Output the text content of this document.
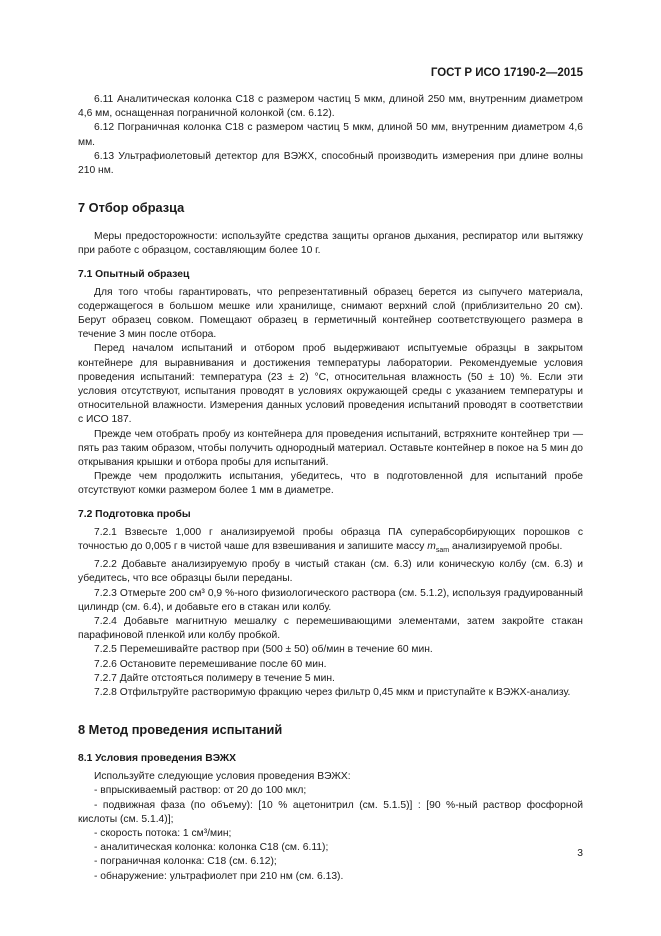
ГОСТ Р ИСО 17190-2—2015

6.11 Аналитическая колонка C18 с размером частиц 5 мкм, длиной 250 мм, внутренним диаметром 4,6 мм, оснащенная пограничной колонкой (см. 6.12).

6.12 Пограничная колонка C18 с размером частиц 5 мкм, длиной 50 мм, внутренним диаметром 4,6 мм.

6.13 Ультрафиолетовый детектор для ВЭЖХ, способный производить измерения при длине волны 210 нм.

7 Отбор образца

Меры предосторожности: используйте средства защиты органов дыхания, респиратор или вытяжку при работе с образцом, составляющим более 10 г.

7.1 Опытный образец

Для того чтобы гарантировать, что репрезентативный образец берется из сыпучего материала, содержащегося в большом мешке или хранилище, снимают верхний слой (приблизительно 20 см). Берут образец совком. Помещают образец в герметичный контейнер соответствующего размера в течение 3 мин после отбора.

Перед началом испытаний и отбором проб выдерживают испытуемые образцы в закрытом контейнере для выравнивания и достижения температуры лаборатории. Рекомендуемые условия проведения испытаний: температура (23 ± 2) °С, относительная влажность (50 ± 10) %. Если эти условия отсутствуют, испытания проводят в условиях окружающей среды с указанием температуры и относительной влажности. Измерения данных условий проведения испытаний проводят в соответствии с ИСО 187.

Прежде чем отобрать пробу из контейнера для проведения испытаний, встряхните контейнер три — пять раз таким образом, чтобы получить однородный материал. Оставьте контейнер в покое на 5 мин до открывания крышки и отбора пробы для испытаний.

Прежде чем продолжить испытания, убедитесь, что в подготовленной для испытаний пробе отсутствуют комки размером более 1 мм в диаметре.

7.2 Подготовка пробы

7.2.1 Взвесьте 1,000 г анализируемой пробы образца ПА суперабсорбирующих порошков с точностью до 0,005 г в чистой чаше для взвешивания и запишите массу $m_{sam}$ анализируемой пробы.

7.2.2 Добавьте анализируемую пробу в чистый стакан (см. 6.3) или коническую колбу (см. 6.3) и убедитесь, что все образцы были переданы.

7.2.3 Отмерьте 200 см³ 0,9 %-ного физиологического раствора (см. 5.1.2), используя градуированный цилиндр (см. 6.4), и добавьте его в стакан или колбу.

7.2.4 Добавьте магнитную мешалку с перемешивающими элементами, затем закройте стакан парафиновой пленкой или колбу пробкой.

7.2.5 Перемешивайте раствор при (500 ± 50) об/мин в течение 60 мин.

7.2.6 Остановите перемешивание после 60 мин.

7.2.7 Дайте отстояться полимеру в течение 5 мин.

7.2.8 Отфильтруйте растворимую фракцию через фильтр 0,45 мкм и приступайте к ВЭЖХ-анализу.

8 Метод проведения испытаний
8.1 Условия проведения ВЭЖХ

Используйте следующие условия проведения ВЭЖХ:

- впрыскиваемый раствор: от 20 до 100 мкл;

- подвижная фаза (по объему): [10 % ацетонитрил (см. 5.1.5)] : [90 %-ный раствор фосфорной кислоты (см. 5.1.4)];

- скорость потока: 1 см³/мин;

- аналитическая колонка: колонка C18 (см. 6.11);

- пограничная колонка: C18 (см. 6.12);

- обнаружение: ультрафиолет при 210 нм (см. 6.13).

3
